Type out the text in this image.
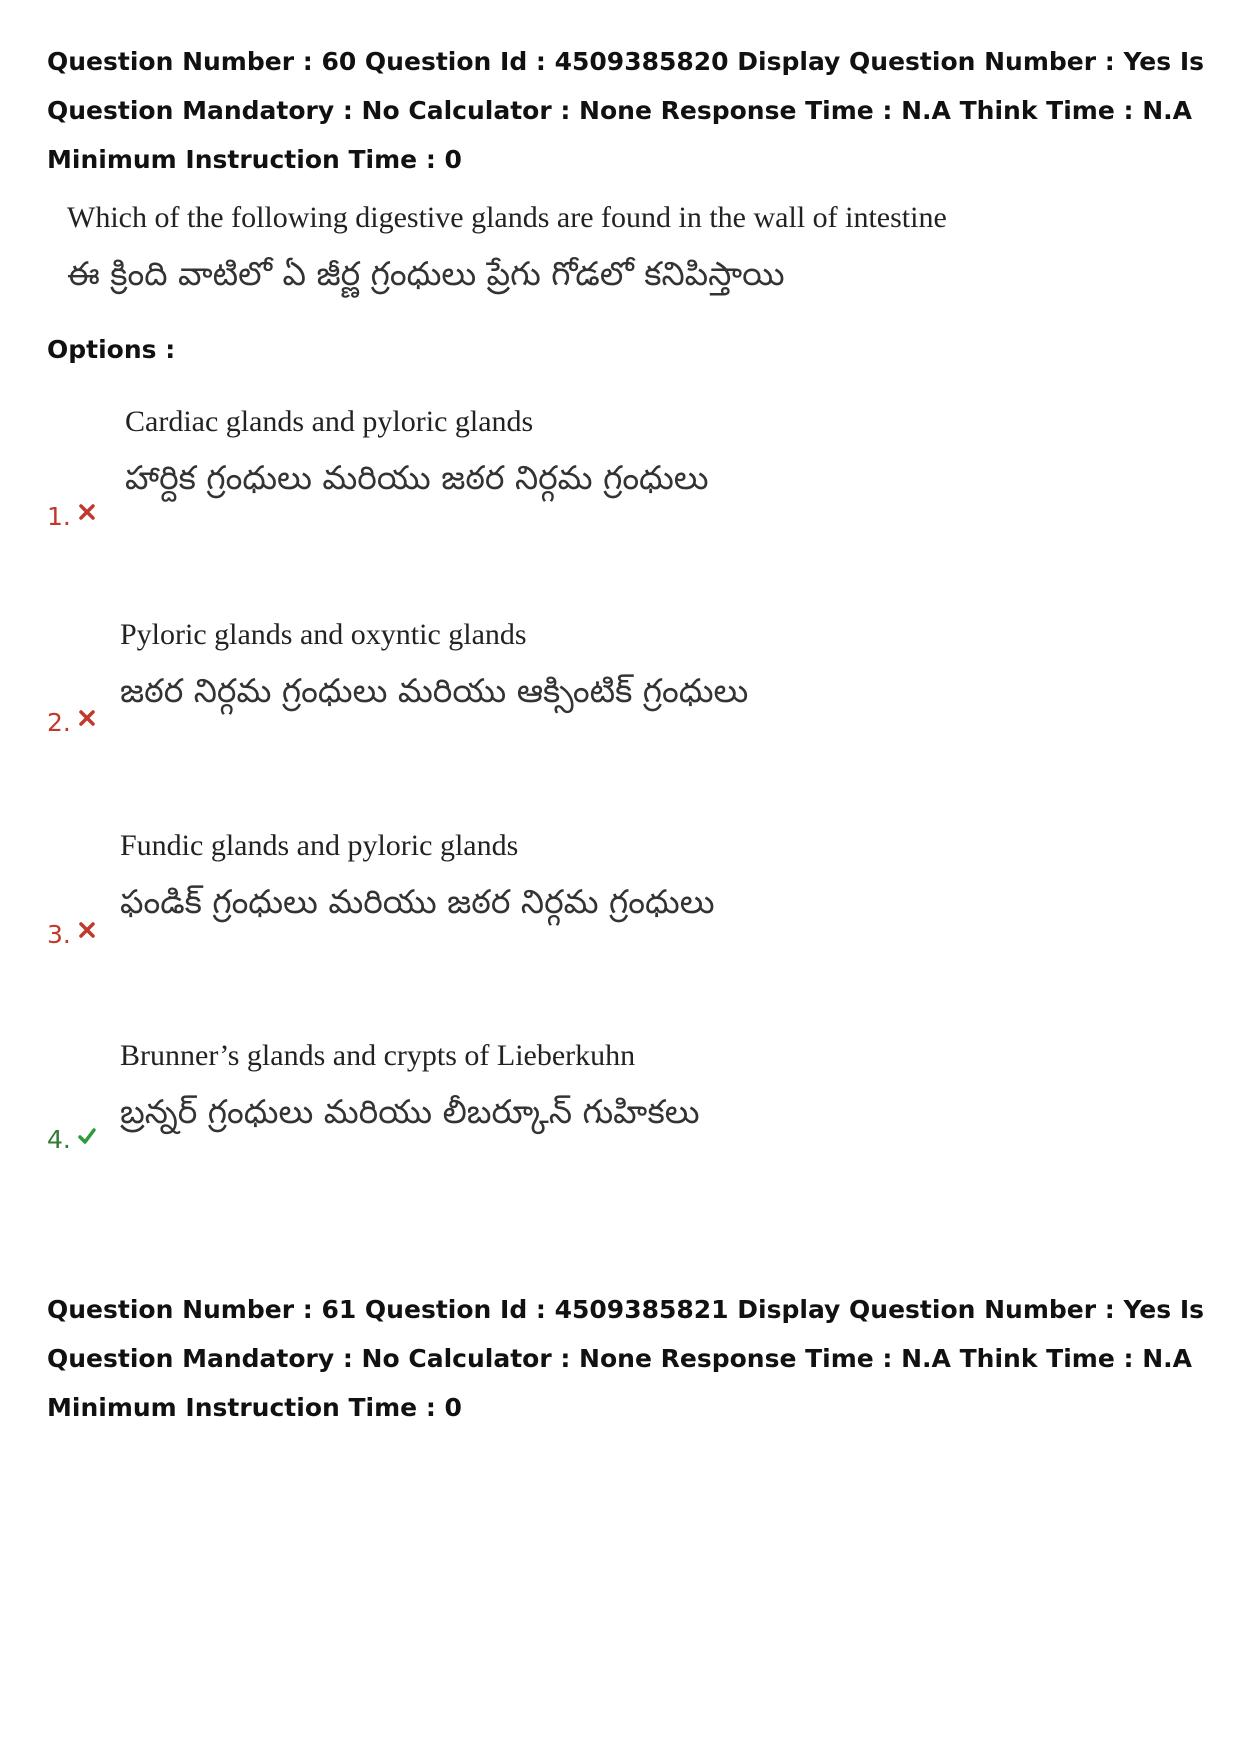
Question Number : 60 Question Id : 4509385820 Display Question Number : Yes Is Question Mandatory : No Calculator : None Response Time : N.A Think Time : N.A Minimum Instruction Time : 0
Which of the following digestive glands are found in the wall of intestine
ఈ క్రింది వాటిలో ఏ జీర్ణ గ్రంధులు ప్రేగు గోడలో కనిపిస్తాయి
Options :
Cardiac glands and pyloric glands
హార్దిక గ్రంధులు మరియు జఠర నిర్గమ గ్రంధులు
1.
Pyloric glands and oxyntic glands
జఠర నిర్గమ గ్రంధులు మరియు ఆక్సింటిక్ గ్రంధులు
2.
Fundic glands and pyloric glands
ఫండిక్ గ్రంధులు మరియు జఠర నిర్గమ గ్రంధులు
3.
Brunner’s glands and crypts of Lieberkuhn
బ్రన్నర్ గ్రంధులు మరియు లీబర్కూన్ గుహికలు
4.
Question Number : 61 Question Id : 4509385821 Display Question Number : Yes Is Question Mandatory : No Calculator : None Response Time : N.A Think Time : N.A Minimum Instruction Time : 0
